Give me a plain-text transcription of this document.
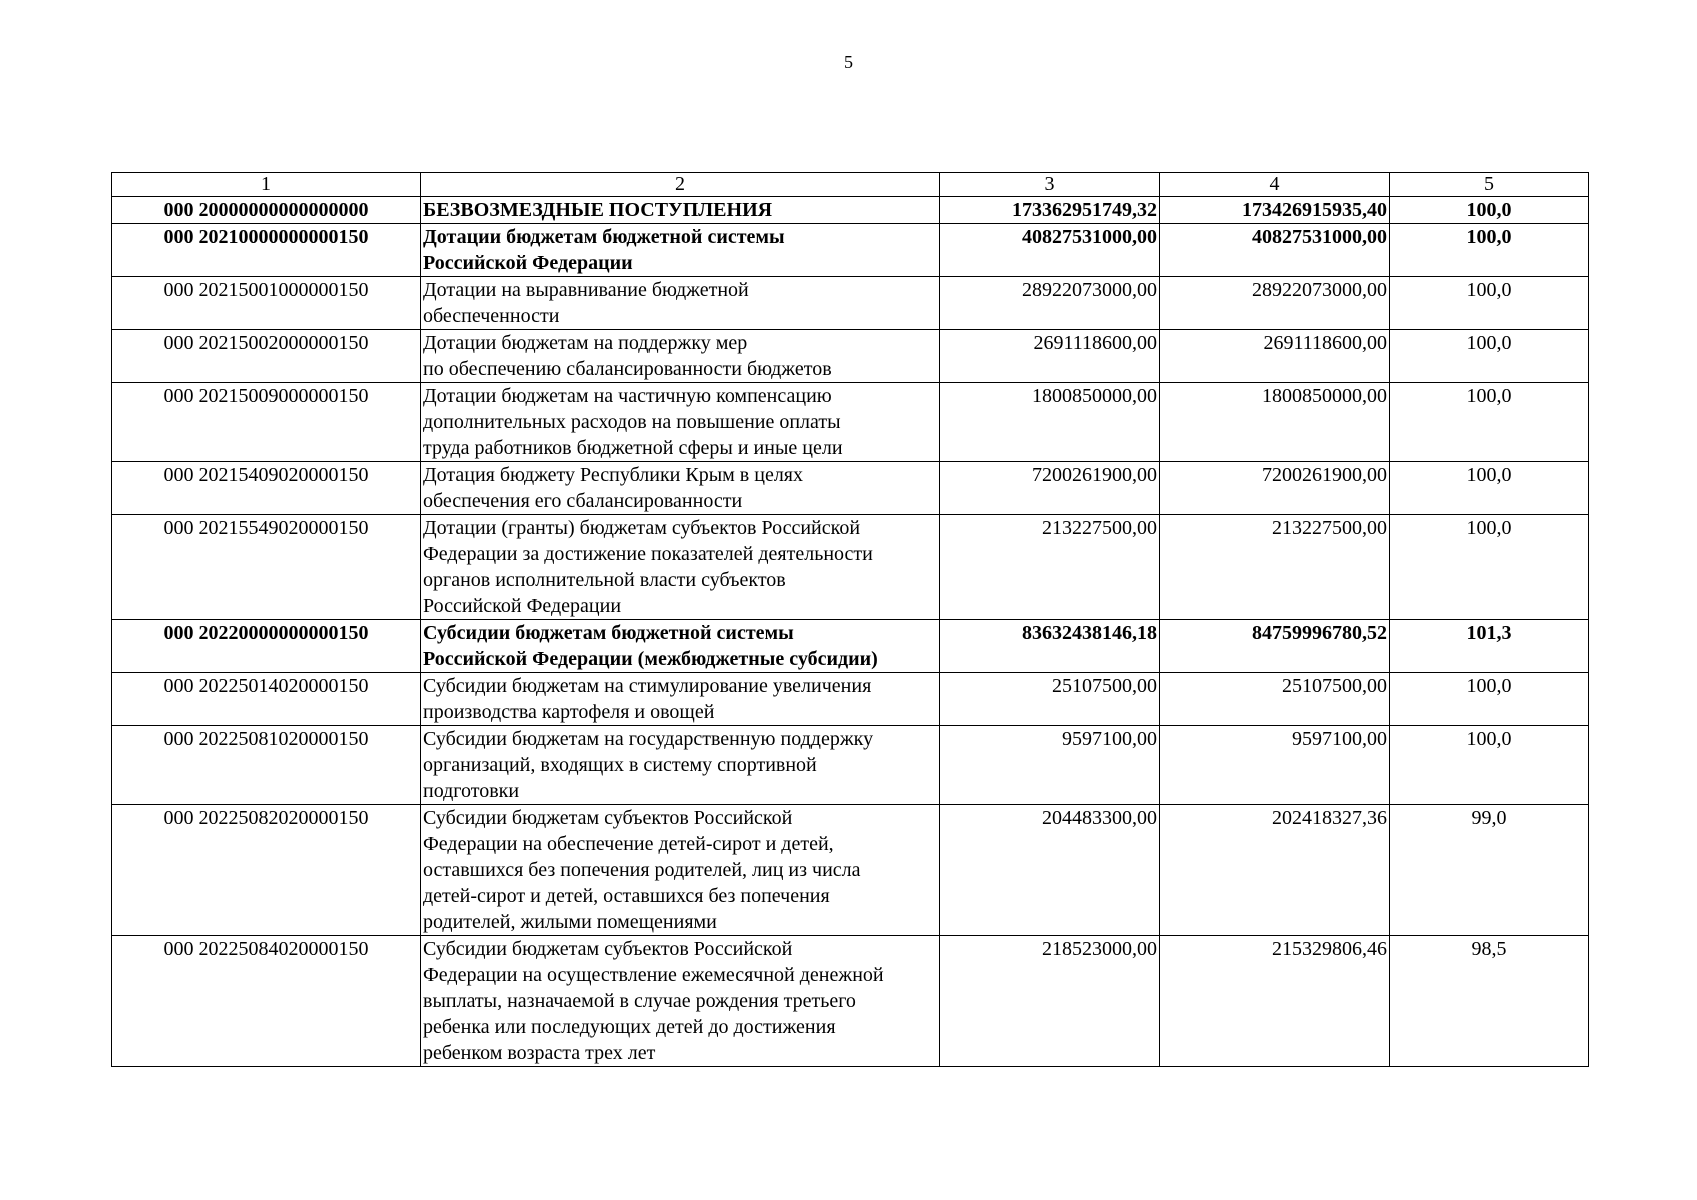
5
1	2	3	4	5
000 20000000000000000	БЕЗВОЗМЕЗДНЫЕ ПОСТУПЛЕНИЯ	173362951749,32	173426915935,40	100,0
000 20210000000000150	Дотации бюджетам бюджетной системы
Российской Федерации	40827531000,00	40827531000,00	100,0
000 20215001000000150	Дотации на выравнивание бюджетной
обеспеченности	28922073000,00	28922073000,00	100,0
000 20215002000000150	Дотации бюджетам на поддержку мер
по обеспечению сбалансированности бюджетов	2691118600,00	2691118600,00	100,0
000 20215009000000150	Дотации бюджетам на частичную компенсацию
дополнительных расходов на повышение оплаты
труда работников бюджетной сферы и иные цели	1800850000,00	1800850000,00	100,0
000 20215409020000150	Дотация бюджету Республики Крым в целях
обеспечения его сбалансированности	7200261900,00	7200261900,00	100,0
000 20215549020000150	Дотации (гранты) бюджетам субъектов Российской
Федерации за достижение показателей деятельности
органов исполнительной власти субъектов
Российской Федерации	213227500,00	213227500,00	100,0
000 20220000000000150	Субсидии бюджетам бюджетной системы
Российской Федерации (межбюджетные субсидии)	83632438146,18	84759996780,52	101,3
000 20225014020000150	Субсидии бюджетам на стимулирование увеличения
производства картофеля и овощей	25107500,00	25107500,00	100,0
000 20225081020000150	Субсидии бюджетам на государственную поддержку
организаций, входящих в систему спортивной
подготовки	9597100,00	9597100,00	100,0
000 20225082020000150	Субсидии бюджетам субъектов Российской
Федерации на обеспечение детей-сирот и детей,
оставшихся без попечения родителей, лиц из числа
детей-сирот и детей, оставшихся без попечения
родителей, жилыми помещениями	204483300,00	202418327,36	99,0
000 20225084020000150	Субсидии бюджетам субъектов Российской
Федерации на осуществление ежемесячной денежной
выплаты, назначаемой в случае рождения третьего
ребенка или последующих детей до достижения
ребенком возраста трех лет	218523000,00	215329806,46	98,5
